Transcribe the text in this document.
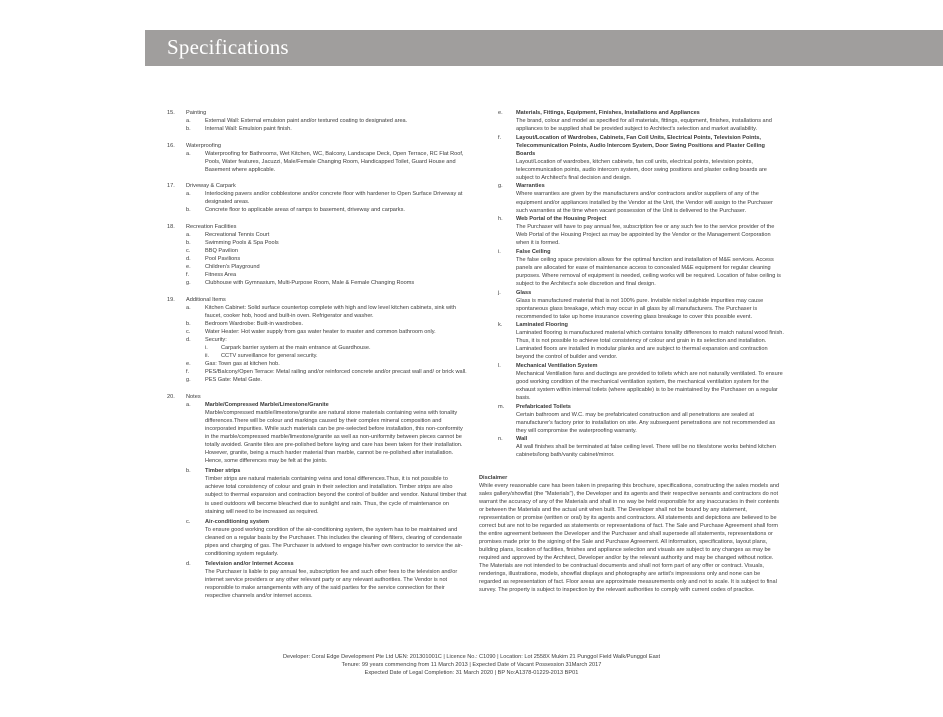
Specifications
15. Painting
a.	External Wall: External emulsion paint and/or textured coating to designated area.
b.	Internal Wall: Emulsion paint finish.
16. Waterproofing
a.	Waterproofing for Bathrooms, Wet Kitchen, WC, Balcony, Landscape Deck, Open Terrace, RC Flat Roof, Pools, Water features, Jacuzzi, Male/Female Changing Room, Handicapped Toilet, Guard House and Basement where applicable.
17. Driveway & Carpark
a.	Interlocking pavers and/or cobblestone and/or concrete floor with hardener to Open Surface Driveway at designated areas.
b.	Concrete floor to applicable areas of ramps to basement, driveway and carparks.
18. Recreation Facilities
a.	Recreational Tennis Court
b.	Swimming Pools & Spa Pools
c.	BBQ Pavilion
d.	Pool Pavilions
e.	Children's Playground
f.	Fitness Area
g.	Clubhouse with Gymnasium, Multi-Purpose Room, Male & Female Changing Rooms
19. Additional Items
a.	Kitchen Cabinet: Solid surface countertop complete with high and low level kitchen cabinets, sink with faucet, cooker hob, hood and built-in oven. Refrigerator and washer.
b.	Bedroom Wardrobe: Built-in wardrobes.
c.	Water Heater: Hot water supply from gas water heater to master and common bathroom only.
d.	Security:
i. Carpark barrier system at the main entrance at Guardhouse.
ii. CCTV surveillance for general security.
e.	Gas: Town gas at kitchen hob.
f.	PES/Balcony/Open Terrace: Metal railing and/or reinforced concrete and/or precast wall and/ or brick wall.
g.	PES Gate: Metal Gate.
20. Notes
a.	Marble/Compressed Marble/Limestone/Granite
Marble/compressed marble/limestone/granite are natural stone materials containing veins with tonality differences.There will be colour and markings caused by their complex mineral composition and incorporated impurities. While such materials can be pre-selected before installation, this non-conformity in the marble/compressed marble/limestone/granite as well as non-uniformity between pieces cannot be totally avoided. Granite tiles are pre-polished before laying and care has been taken for their installation. However, granite, being a much harder material than marble, cannot be re-polished after installation. Hence, some differences may be felt at the joints.
b.	Timber strips
Timber strips are natural materials containing veins and tonal differences.Thus, it is not possible to achieve total consistency of colour and grain in their selection and installation. Timber strips are also subject to thermal expansion and contraction beyond the control of builder and vendor. Natural timber that is used outdoors will become bleached due to sunlight and rain. Thus, the cycle of maintenance on staining will need to be increased as required.
c.	Air-conditioning system
To ensure good working condition of the air-conditioning system, the system has to be maintained and cleaned on a regular basis by the Purchaser. This includes the cleaning of filters, clearing of condensate pipes and charging of gas. The Purchaser is advised to engage his/her own contractor to service the air-conditioning system regularly.
d.	Television and/or Internet Access
The Purchaser is liable to pay annual fee, subscription fee and such other fees to the television and/or internet service providers or any other relevant party or any relevant authorities. The Vendor is not responsible to make arrangements with any of the said parties for the service connection for their respective channels and/or internet access.
e. Materials, Fittings, Equipment, Finishes, Installations and Appliances
The brand, colour and model as specified for all materials, fittings, equipment, finishes, installations and appliances to be supplied shall be provided subject to Architect's selection and market availability.
f.	Layout/Location of Wardrobes, Cabinets, Fan Coil Units, Electrical Points, Television Points, Telecommunication Points, Audio Intercom System, Door Swing Positions and Plaster Ceiling Boards
Layout/Location of wardrobes, kitchen cabinets, fan coil units, electrical points, television points, telecommunication points, audio intercom system, door swing positions and plaster ceiling boards are subject to Architect's final decision and design.
g. Warranties
Where warranties are given by the manufacturers and/or contractors and/or suppliers of any of the equipment and/or appliances installed by the Vendor at the Unit, the Vendor will assign to the Purchaser such warranties at the time when vacant possession of the Unit is delivered to the Purchaser.
h. Web Portal of the Housing Project
The Purchaser will have to pay annual fee, subscription fee or any such fee to the service provider of the Web Portal of the Housing Project as may be appointed by the Vendor or the Management Corporation when it is formed.
i.	False Ceiling
The false ceiling space provision allows for the optimal function and installation of M&E services. Access panels are allocated for ease of maintenance access to concealed M&E equipment for regular cleaning purposes. Where removal of equipment is needed, ceiling works will be required. Location of false ceiling is subject to the Architect's sole discretion and final design.
j.	Glass
Glass is manufactured material that is not 100% pure. Invisible nickel sulphide impurities may cause spontaneous glass breakage, which may occur in all glass by all manufacturers. The Purchaser is recommended to take up home insurance covering glass breakage to cover this possible event.
k. Laminated Flooring
Laminated flooring is manufactured material which contains tonality differences to match natural wood finish. Thus, it is not possible to achieve total consistency of colour and grain in its selection and installation. Laminated floors are installed in modular planks and are subject to thermal expansion and contraction beyond the control of builder and vendor.
l.	Mechanical Ventilation System
Mechanical Ventilation fans and ductings are provided to toilets which are not naturally ventilated. To ensure good working condition of the mechanical ventilation system, the mechanical ventilation system for the exhaust system within internal toilets (where applicable) is to be maintained by the Purchaser on a regular basis.
m. Prefabricated Toilets
Certain bathroom and W.C. may be prefabricated construction and all penetrations are sealed at manufacturer's factory prior to installation on site. Any subsequent penetrations are not recommended as they will compromise the waterproofing warranty.
n. Wall
All wall finishes shall be terminated at false ceiling level. There will be no tiles/stone works behind kitchen cabinets/long bath/vanity cabinet/mirror.
Disclaimer
While every reasonable care has been taken in preparing this brochure, specifications, constructing the sales models and sales gallery/showflat (the "Materials"), the Developer and its agents and their respective servants and contractors do not warrant the accuracy of any of the Materials and shall in no way be held responsible for any inaccuracies in their contents or between the Materials and the actual unit when built. The Developer shall not be bound by any statement, representation or promise (written or oral) by its agents and contractors. All statements and depictions are believed to be correct but are not to be regarded as statements or representations of fact. The Sale and Purchase Agreement shall form the entire agreement between the Developer and the Purchaser and shall supersede all statements, representations or promises made prior to the signing of the Sale and Purchase Agreement. All information, specifications, layout plans, building plans, location of facilities, finishes and appliance selection and visuals are subject to any changes as may be required and approved by the Architect, Developer and/or by the relevant authority and may be changed without notice. The Materials are not intended to be contractual documents and shall not form part of any offer or contract. Visuals, renderings, illustrations, models, showflat displays and photography are artist's impressions only and none can be regarded as representation of fact. Floor areas are approximate measurements only and not to scale. It is subject to final survey. The property is subject to inspection by the relevant authorities to comply with current codes of practice.
Developer: Coral Edge Development Pte Ltd UEN: 201301001C | Licence No.: C1090 | Location: Lot 2558X Mukim 21 Punggol Field Walk/Punggol East
Tenure: 99 years commencing from 11 March 2013 | Expected Date of Vacant Possession 31March 2017
Expected Date of Legal Completion: 31 March 2020 | BP No:A1378-01229-2013 BP01
